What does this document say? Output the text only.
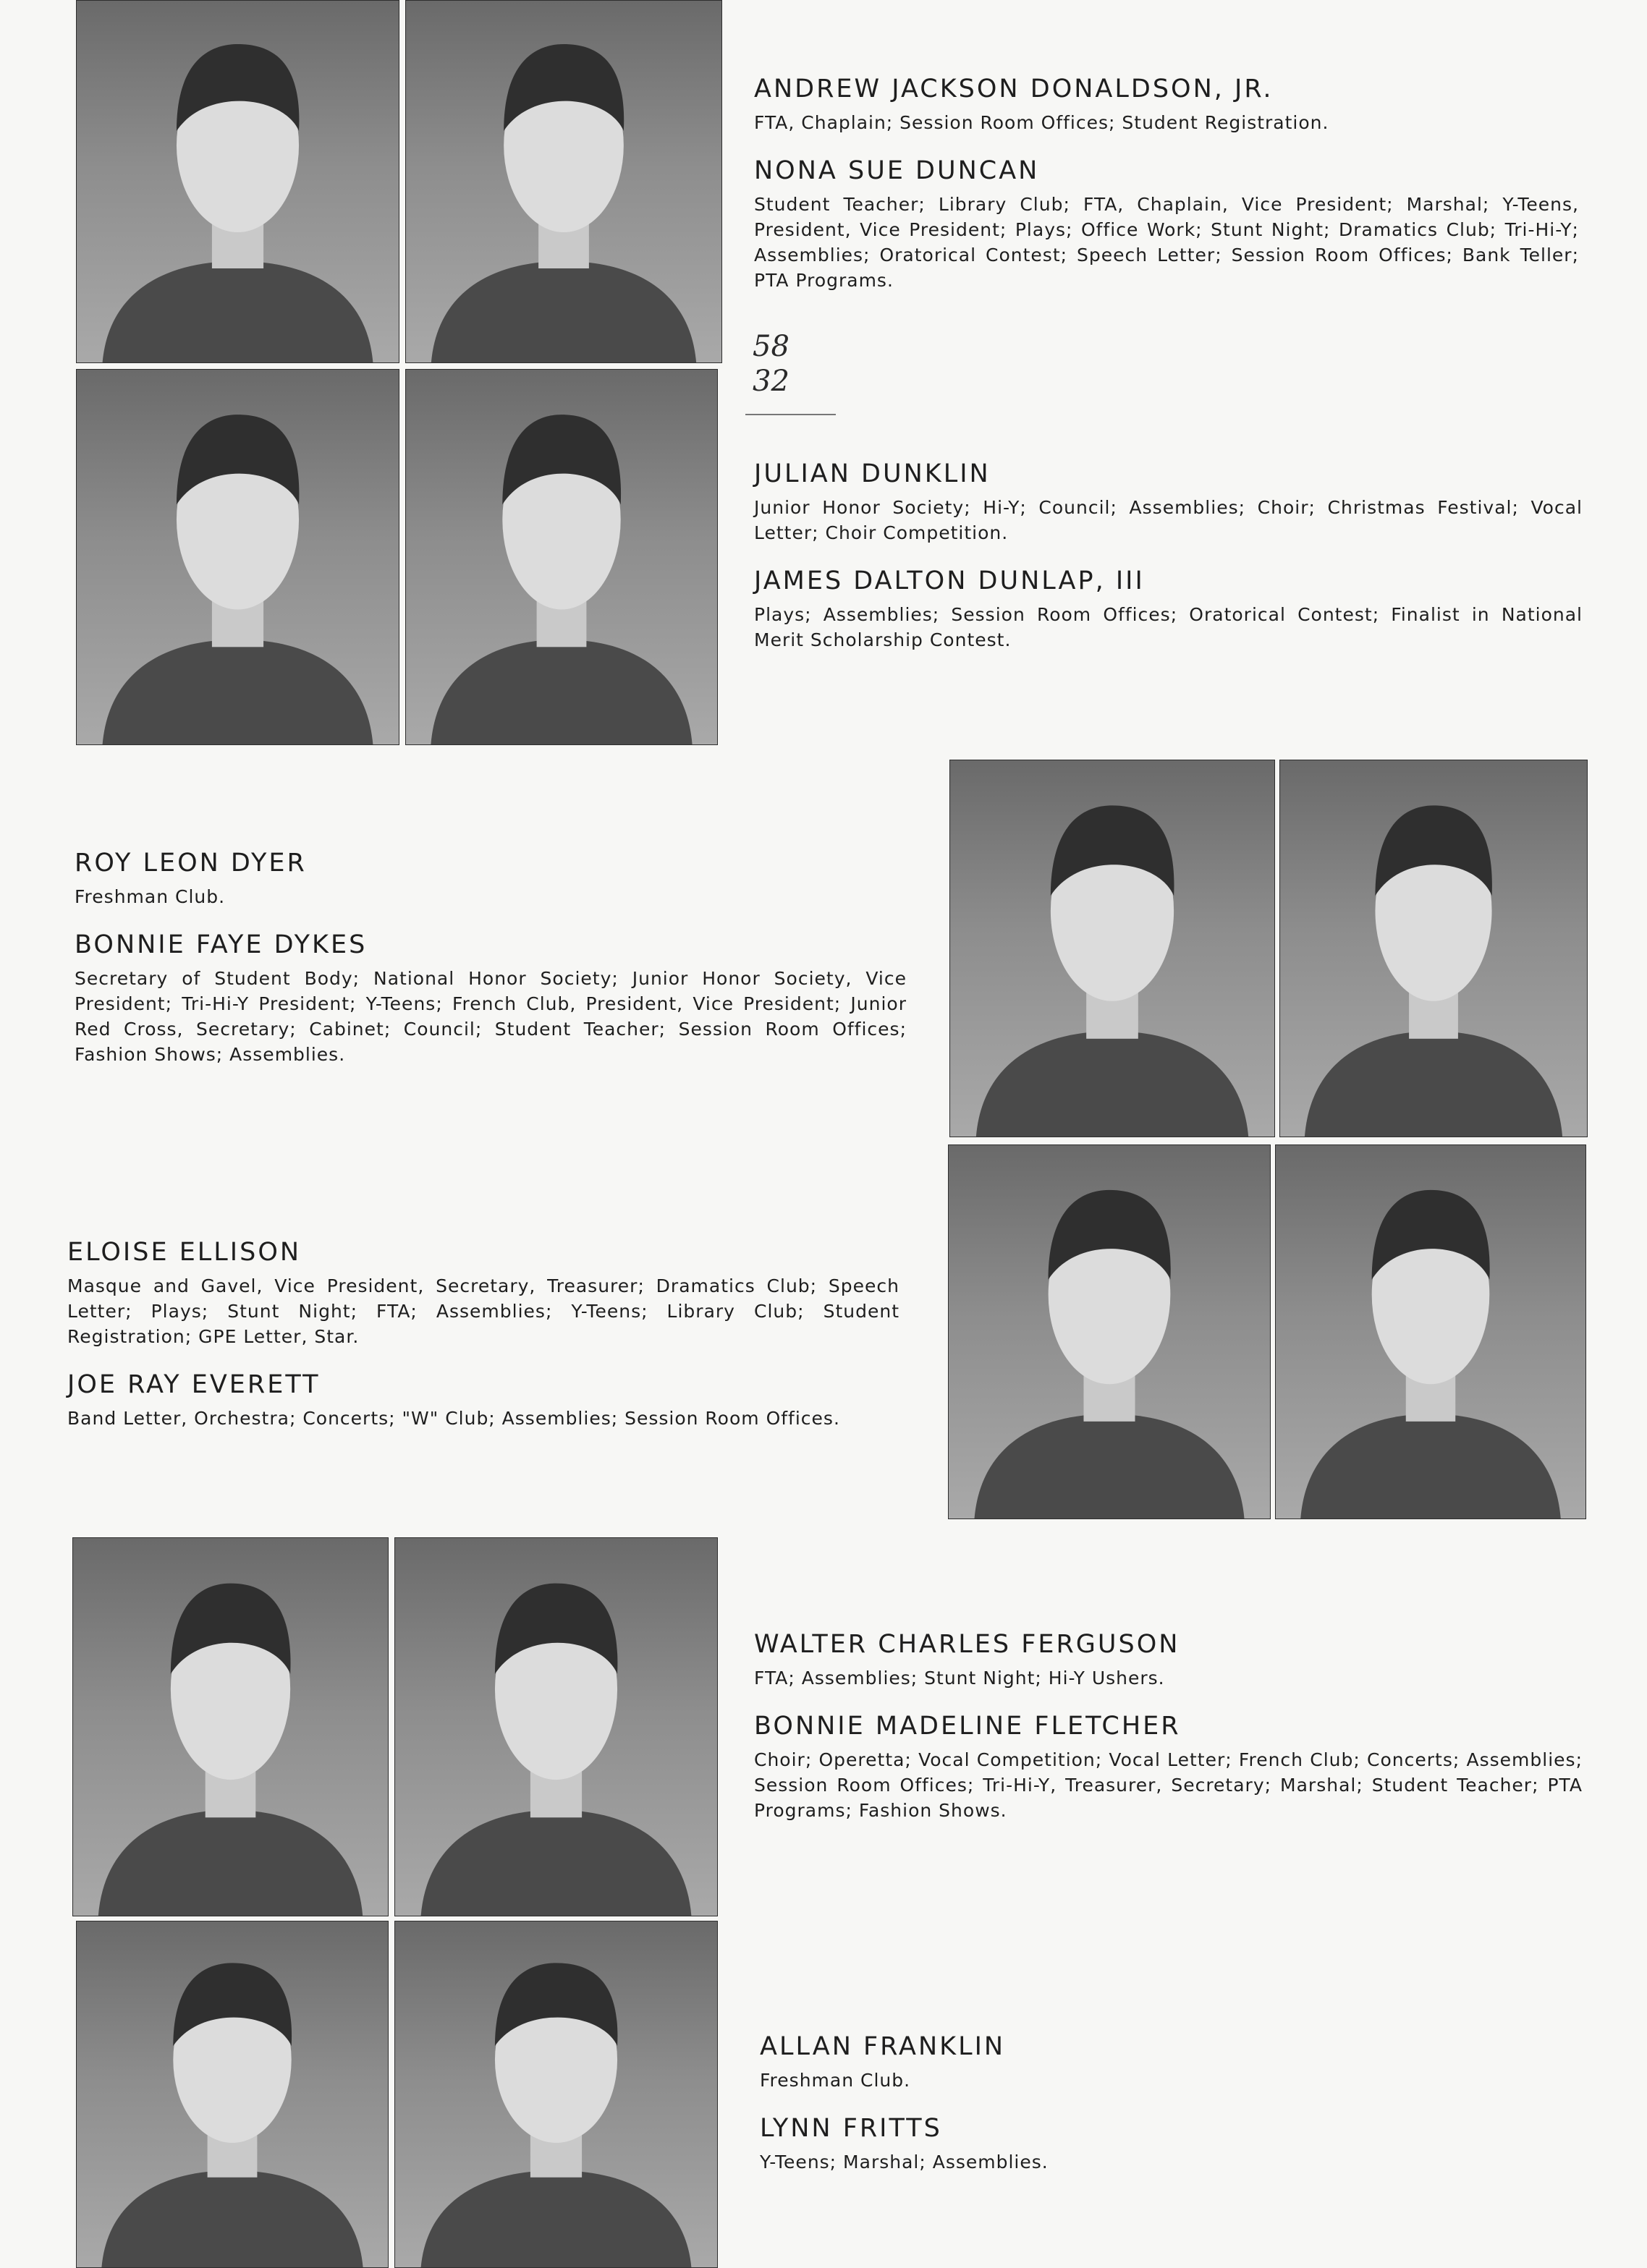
58
32
ANDREW JACKSON DONALDSON, JR.
FTA, Chaplain; Session Room Offices; Student Registration.
NONA SUE DUNCAN
Student Teacher; Library Club; FTA, Chaplain, Vice President; Marshal; Y-Teens, President, Vice President; Plays; Office Work; Stunt Night; Dramatics Club; Tri-Hi-Y; Assemblies; Oratorical Contest; Speech Letter; Session Room Offices; Bank Teller; PTA Programs.
JULIAN DUNKLIN
Junior Honor Society; Hi-Y; Council; Assemblies; Choir; Christmas Festival; Vocal Letter; Choir Competition.
JAMES DALTON DUNLAP, III
Plays; Assemblies; Session Room Offices; Oratorical Contest; Finalist in National Merit Scholarship Contest.
ROY LEON DYER
Freshman Club.
BONNIE FAYE DYKES
Secretary of Student Body; National Honor Society; Junior Honor Society, Vice President; Tri-Hi-Y President; Y-Teens; French Club, President, Vice President; Junior Red Cross, Secretary; Cabinet; Council; Student Teacher; Session Room Offices; Fashion Shows; Assemblies.
ELOISE ELLISON
Masque and Gavel, Vice President, Secretary, Treasurer; Dramatics Club; Speech Letter; Plays; Stunt Night; FTA; Assemblies; Y-Teens; Library Club; Student Registration; GPE Letter, Star.
JOE RAY EVERETT
Band Letter, Orchestra; Concerts; "W" Club; Assemblies; Session Room Offices.
WALTER CHARLES FERGUSON
FTA; Assemblies; Stunt Night; Hi-Y Ushers.
BONNIE MADELINE FLETCHER
Choir; Operetta; Vocal Competition; Vocal Letter; French Club; Concerts; Assemblies; Session Room Offices; Tri-Hi-Y, Treasurer, Secretary; Marshal; Student Teacher; PTA Programs; Fashion Shows.
ALLAN FRANKLIN
Freshman Club.
LYNN FRITTS
Y-Teens; Marshal; Assemblies.
